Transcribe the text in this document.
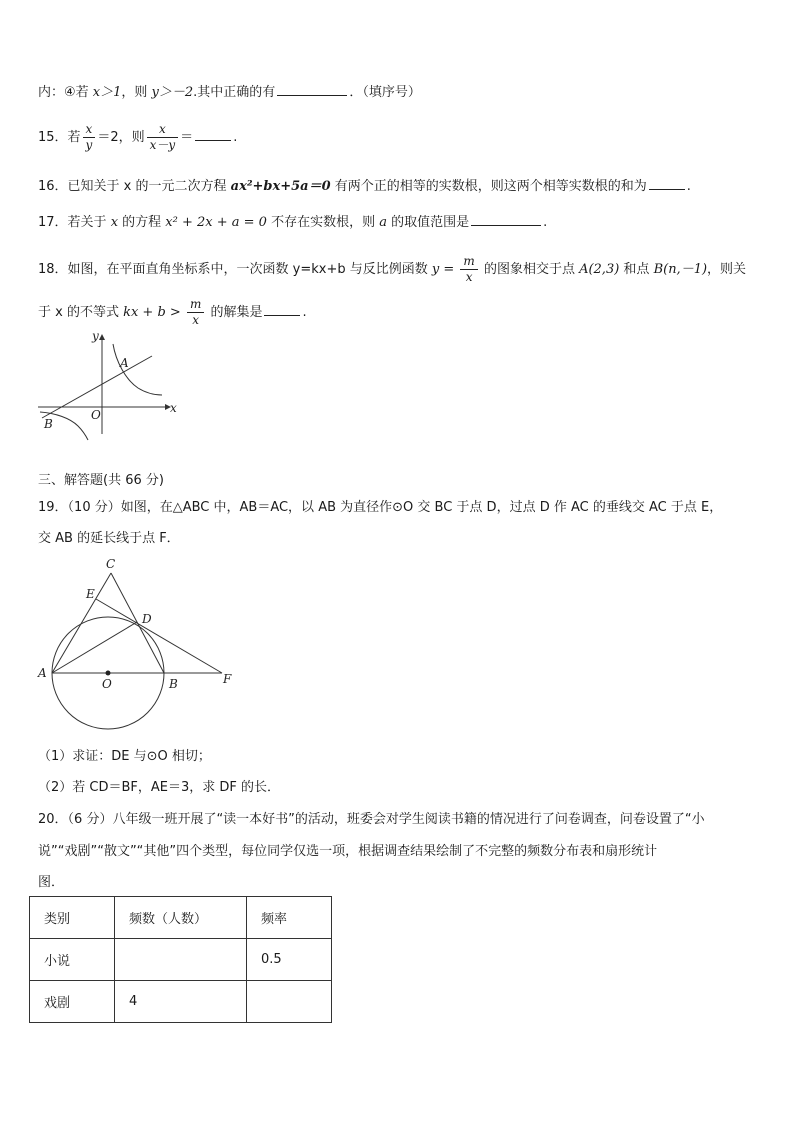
内：④若 x＞1，则 y＞－2.其中正确的有	．（填序号）
15．若 $\frac{x}{y} =2$，则 $\frac{x}{x-y}$ ＝	.
16．已知关于 x 的一元二次方程 ax²+bx+5a＝0 有两个正的相等的实数根，则这两个相等实数根的和为	.
17．若关于 x 的方程 x² + 2x + a = 0 不存在实数根，则 a 的取值范围是	.
18．如图，在平面直角坐标系中，一次函数 y=kx+b 与反比例函数 $y = \frac{m}{x}$ 的图象相交于点 A(2,3) 和点 B(n,－1)，则关
于 x 的不等式 kx + $b > \frac{m}{x}$ 的解集是	.
y
x
A
B
O
三、解答题(共 66 分)
19．（10 分）如图，在△ABC 中，AB＝AC，以 AB 为直径作⊙O 交 BC 于点 D，过点 D 作 AC 的垂线交 AC 于点 E，
交 AB 的延长线于点 F．
C
E
D
A
O	B	F
（1）求证：DE 与⊙O 相切；
（2）若 CD＝BF，AE＝3，求 DF 的长．
20．（6 分）八年级一班开展了“读一本好书”的活动，班委会对学生阅读书籍的情况进行了问卷调查，问卷设置了“小
说”“戏剧”“散文”“其他”四个类型，每位同学仅选一项，根据调查结果绘制了不完整的频数分布表和扇形统计
图．
类别	频数（人数）	频率
小说		0.5
戏剧	4	
